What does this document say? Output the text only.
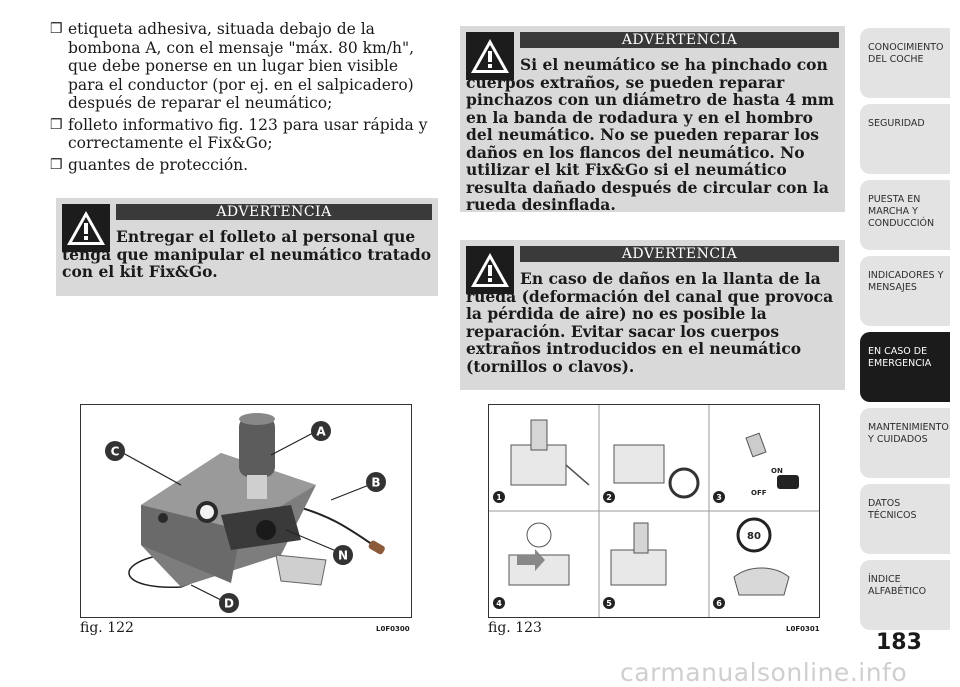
❒ etiqueta adhesiva, situada debajo de la bombona A, con el mensaje "máx. 80 km/h", que debe ponerse en un lugar bien visible para el conductor (por ej. en el salpicadero) después de reparar el neumático;
❒ folleto informativo fig. 123 para usar rápida y correctamente el Fix&Go;
❒ guantes de protección.
ADVERTENCIA
Entregar el folleto al personal que
tenga que manipular el neumático tratado con el kit Fix&Go.
ADVERTENCIA
Si el neumático se ha pinchado con
cuerpos extraños, se pueden reparar pinchazos con un diámetro de hasta 4 mm en la banda de rodadura y en el hombro del neumático. No se pueden reparar los daños en los flancos del neumático. No utilizar el kit Fix&Go si el neumático resulta dañado después de circular con la rueda desinflada.
ADVERTENCIA
En caso de daños en la llanta de la
rueda (deformación del canal que provoca la pérdida de aire) no es posible la reparación. Evitar sacar los cuerpos extraños introducidos en el neumático (tornillos o clavos).
A
B
C
N
D
fig. 122	L0F0300
ON
OFF
80
1	2	3
4	5	6
fig. 123	L0F0301
CONOCIMIENTO DEL COCHE
SEGURIDAD
PUESTA EN MARCHA Y CONDUCCIÓN
INDICADORES Y MENSAJES
EN CASO DE EMERGENCIA
MANTENIMIENTO Y CUIDADOS
DATOS TÉCNICOS
ÍNDICE ALFABÉTICO
183
carmanualsonline.info
